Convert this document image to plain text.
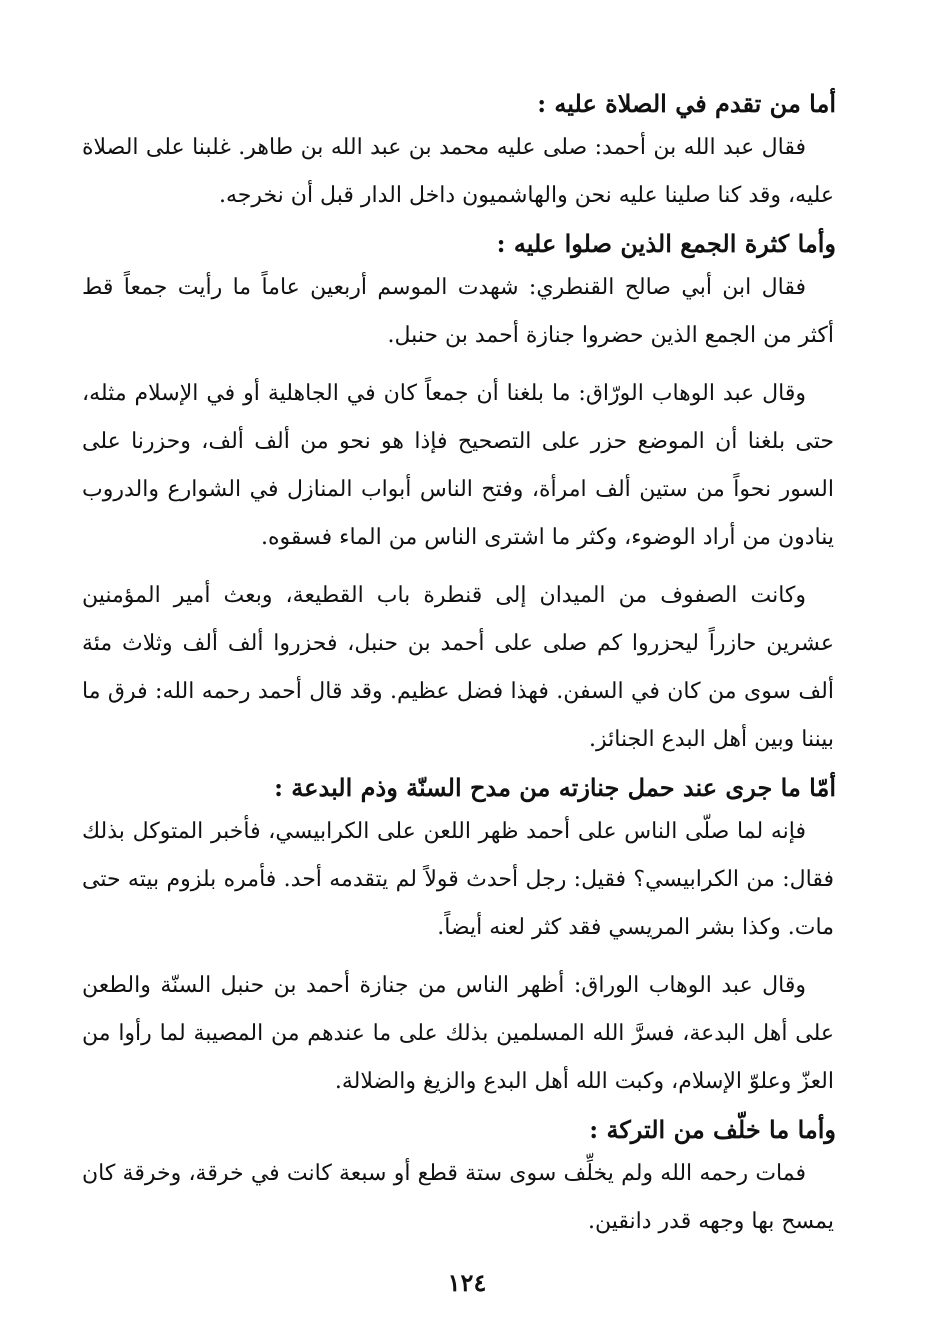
أما من تقدم في الصلاة عليه :

فقال عبد الله بن أحمد: صلى عليه محمد بن عبد الله بن طاهر. غلبنا على الصلاة عليه، وقد كنا صلينا عليه نحن والهاشميون داخل الدار قبل أن نخرجه.

وأما كثرة الجمع الذين صلوا عليه :

فقال ابن أبي صالح القنطري: شهدت الموسم أربعين عاماً ما رأيت جمعاً قط أكثر من الجمع الذين حضروا جنازة أحمد بن حنبل.

وقال عبد الوهاب الورّاق: ما بلغنا أن جمعاً كان في الجاهلية أو في الإسلام مثله، حتى بلغنا أن الموضع حزر على التصحيح فإذا هو نحو من ألف ألف، وحزرنا على السور نحواً من ستين ألف امرأة، وفتح الناس أبواب المنازل في الشوارع والدروب ينادون من أراد الوضوء، وكثر ما اشترى الناس من الماء فسقوه.

وكانت الصفوف من الميدان إلى قنطرة باب القطيعة، وبعث أمير المؤمنين عشرين حازراً ليحزروا كم صلى على أحمد بن حنبل، فحزروا ألف ألف وثلاث مئة ألف سوى من كان في السفن. فهذا فضل عظيم. وقد قال أحمد رحمه الله: فرق ما بيننا وبين أهل البدع الجنائز.

أمّا ما جرى عند حمل جنازته من مدح السنّة وذم البدعة :

فإنه لما صلّى الناس على أحمد ظهر اللعن على الكرابيسي، فأخبر المتوكل بذلك فقال: من الكرابيسي؟ فقيل: رجل أحدث قولاً لم يتقدمه أحد. فأمره بلزوم بيته حتى مات. وكذا بشر المريسي فقد كثر لعنه أيضاً.

وقال عبد الوهاب الوراق: أظهر الناس من جنازة أحمد بن حنبل السنّة والطعن على أهل البدعة، فسرَّ الله المسلمين بذلك على ما عندهم من المصيبة لما رأوا من العزّ وعلوّ الإسلام، وكبت الله أهل البدع والزيغ والضلالة.

وأما ما خلّف من التركة :

فمات رحمه الله ولم يخلِّف سوى ستة قطع أو سبعة كانت في خرقة، وخرقة كان يمسح بها وجهه قدر دانقين.

١٢٤
